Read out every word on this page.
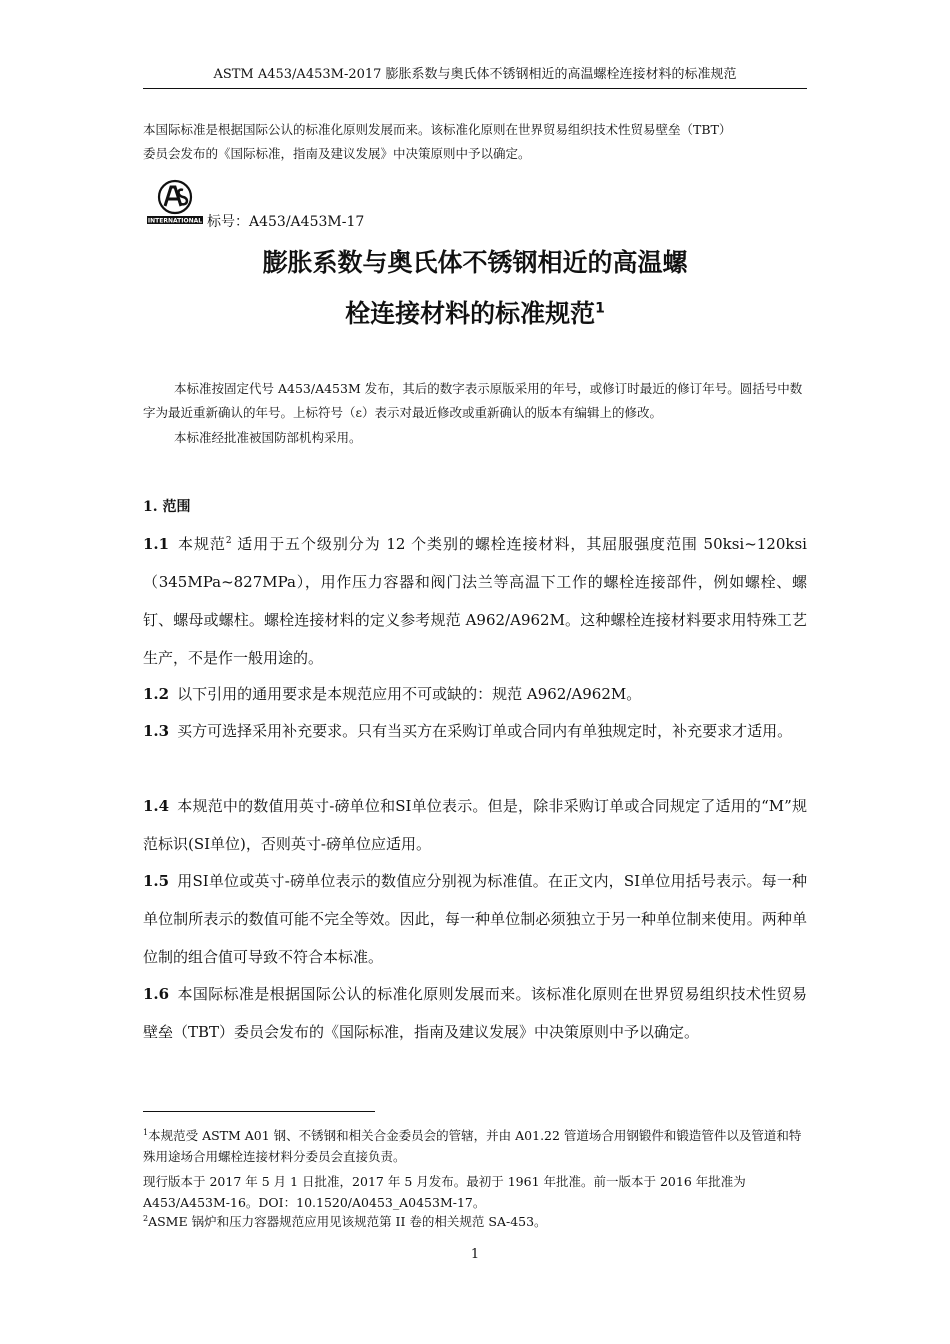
ASTM A453/A453M-2017 膨胀系数与奥氏体不锈钢相近的高温螺栓连接材料的标准规范
本国际标准是根据国际公认的标准化原则发展而来。该标准化原则在世界贸易组织技术性贸易壁垒（TBT）
委员会发布的《国际标准，指南及建议发展》中决策原则中予以确定。
INTERNATIONAL 标号：A453/A453M-17
膨胀系数与奥氏体不锈钢相近的高温螺
栓连接材料的标准规范$^1$
本标准按固定代号 A453/A453M 发布，其后的数字表示原版采用的年号，或修订时最近的修订年号。圆括号中数字为最近重新确认的年号。上标符号（ε）表示对最近修改或重新确认的版本有编辑上的修改。
本标准经批准被国防部机构采用。
1. 范围
1.1 本规范$^2$ 适用于五个级别分为 12 个类别的螺栓连接材料，其屈服强度范围 50ksi~120ksi（345MPa~827MPa），用作压力容器和阀门法兰等高温下工作的螺栓连接部件，例如螺栓、螺钉、螺母或螺柱。螺栓连接材料的定义参考规范 A962/A962M。这种螺栓连接材料要求用特殊工艺生产，不是作一般用途的。
1.2 以下引用的通用要求是本规范应用不可或缺的：规范 A962/A962M。
1.3 买方可选择采用补充要求。只有当买方在采购订单或合同内有单独规定时，补充要求才适用。
1.4 本规范中的数值用英寸-磅单位和SI单位表示。但是，除非采购订单或合同规定了适用的“M”规范标识(SI单位)，否则英寸-磅单位应适用。
1.5 用SI单位或英寸-磅单位表示的数值应分别视为标准值。在正文内，SI单位用括号表示。每一种单位制所表示的数值可能不完全等效。因此，每一种单位制必须独立于另一种单位制来使用。两种单位制的组合值可导致不符合本标准。
1.6 本国际标准是根据国际公认的标准化原则发展而来。该标准化原则在世界贸易组织技术性贸易壁垒（TBT）委员会发布的《国际标准，指南及建议发展》中决策原则中予以确定。
$^1$本规范受 ASTM A01 钢、不锈钢和相关合金委员会的管辖，并由 A01.22 管道场合用钢锻件和锻造管件以及管道和特殊用途场合用螺栓连接材料分委员会直接负责。
现行版本于 2017 年 5 月 1 日批准，2017 年 5 月发布。最初于 1961 年批准。前一版本于 2016 年批准为 A453/A453M-16。DOI：10.1520/A0453_A0453M-17。
$^2$ASME 锅炉和压力容器规范应用见该规范第 II 卷的相关规范 SA-453。
1
